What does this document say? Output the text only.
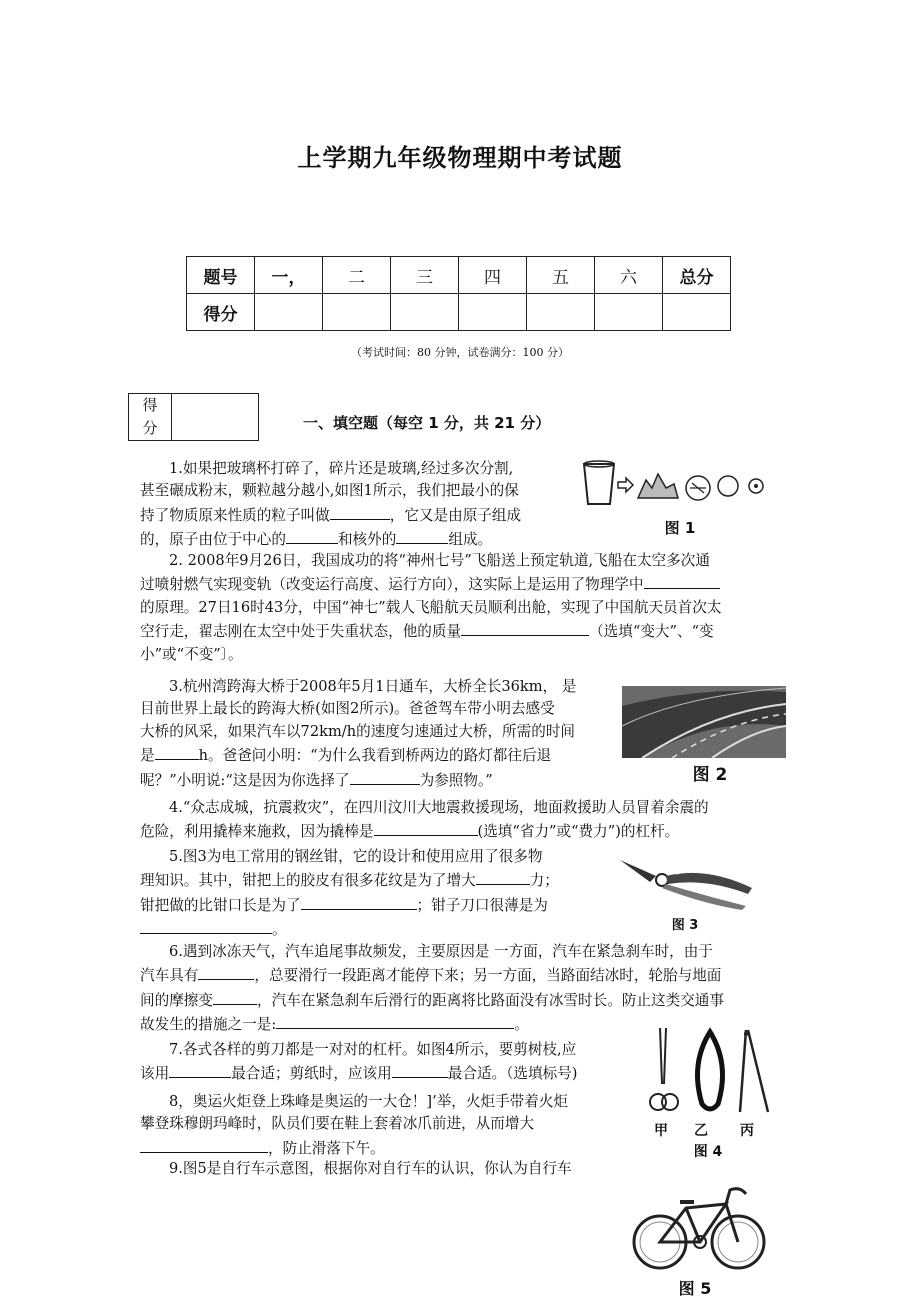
上学期九年级物理期中考试题
题号	一，	二	三	四	五	六	总分
得分							
（考试时间：80 分钟，试卷满分：100 分）
得
分
		一、填空题（每空 1 分，共 21 分）
1.如果把玻璃杯打碎了，碎片还是玻璃,经过多次分割,
甚至碾成粉末，颗粒越分越小,如图1所示，我们把最小的保
持了物质原来性质的粒子叫做	，它又是由原子组成
的，原子由位于中心的	和核外的	组成。
图 1
2. 2008年9月26日，我国成功的将“神州七号”飞船送上预定轨道,飞船在太空多次通
过喷射燃气实现变轨（改变运行高度、运行方向），这实际上是运用了物理学中
的原理。27日16时43分，中国“神七”载人飞船航天员顺利出舱，实现了中国航天员首次太
空行走，翟志刚在太空中处于失重状态，他的质量	（选填“变大”、“变
小”或“不变”〕。
3.杭州湾跨海大桥于2008年5月1日通车，大桥全长36km， 是
目前世界上最长的跨海大桥(如图2所示)。爸爸驾车带小明去感受
大桥的风采，如果汽车以72km/h的速度匀速通过大桥，所需的时间
是	h。爸爸问小明：“为什么我看到桥两边的路灯都往后退
呢？”小明说:“这是因为你选择了	为参照物。”	图 2
4.“众志成城，抗震救灾”，在四川汶川大地震救援现场，地面救援助人员冒着余震的
危险，利用撬棒来施救，因为撬棒是	(选填“省力”或“费力”)的杠杆。
5.图3为电工常用的钢丝钳，它的设计和使用应用了很多物
理知识。其中，钳把上的胶皮有很多花纹是为了增大	力；
钳把做的比钳口长是为了	；钳子刀口很薄是为
。	图 3
6.遇到冰冻天气，汽车追尾事故频发，主要原因是 一方面，汽车在紧急刹车时，由于
汽车具有	，总要滑行一段距离才能停下来；另一方面，当路面结冰时，轮胎与地面
间的摩擦变	，汽车在紧急刹车后滑行的距离将比路面没有冰雪时长。防止这类交通事
故发生的措施之一是:	。
7.各式各样的剪刀都是一对对的杠杆。如图4所示，要剪树枝,应
该用	最合适；剪纸时，应该用	最合适。（选填标号)
8，奥运火炬登上珠峰是奥运的一大仓！]’举，火炬手带着火炬
攀登珠穆朗玛峰时，队员们要在鞋上套着冰爪前进，从而增大
，防止滑落下午。
甲 乙 丙
图 4
9.图5是自行车示意图，根据你对自行车的认识，你认为自行车
图 5
